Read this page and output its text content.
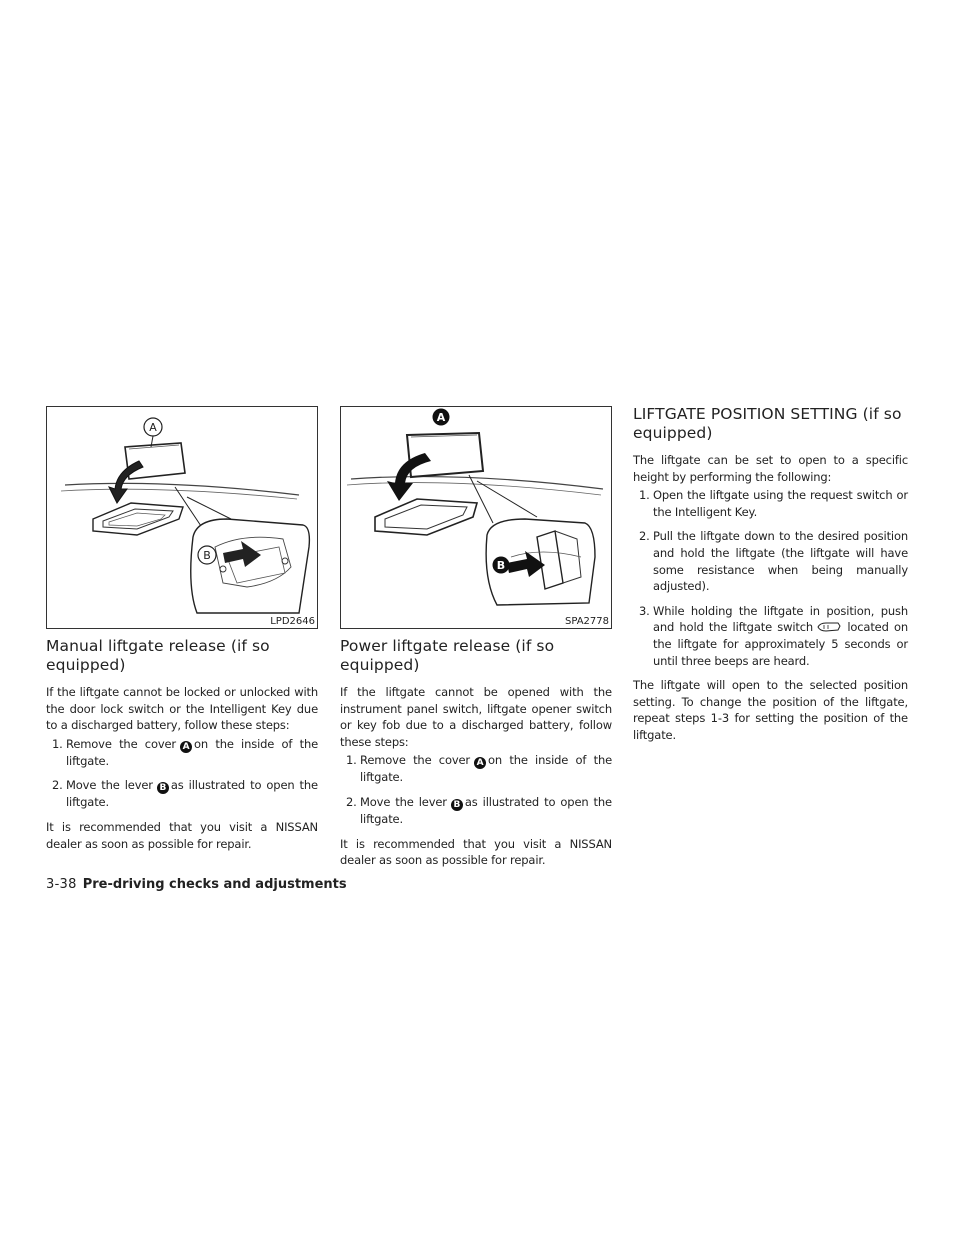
A
B
LPD2646
Manual liftgate release (if so equipped)

If the liftgate cannot be locked or unlocked with the door lock switch or the Intelligent Key due to a discharged battery, follow these steps:

1. Remove the cover A on the inside of the liftgate.
2. Move the lever B as illustrated to open the liftgate.

It is recommended that you visit a NISSAN dealer as soon as possible for repair.

A
B
SPA2778
Power liftgate release (if so equipped)

If the liftgate cannot be opened with the instrument panel switch, liftgate opener switch or key fob due to a discharged battery, follow these steps:

1. Remove the cover A on the inside of the liftgate.
2. Move the lever B as illustrated to open the liftgate.

It is recommended that you visit a NISSAN dealer as soon as possible for repair.

LIFTGATE POSITION SETTING (if so equipped)

The liftgate can be set to open to a specific height by performing the following:

1. Open the liftgate using the request switch or the Intelligent Key.
2. Pull the liftgate down to the desired position and hold the liftgate (the liftgate will have some resistance when being manually adjusted).
3. While holding the liftgate in position, push and hold the liftgate switch	located on the liftgate for approximately 5 seconds or until three beeps are heard.

The liftgate will open to the selected position setting. To change the position of the liftgate, repeat steps 1-3 for setting the position of the liftgate.

3-38 Pre-driving checks and adjustments
